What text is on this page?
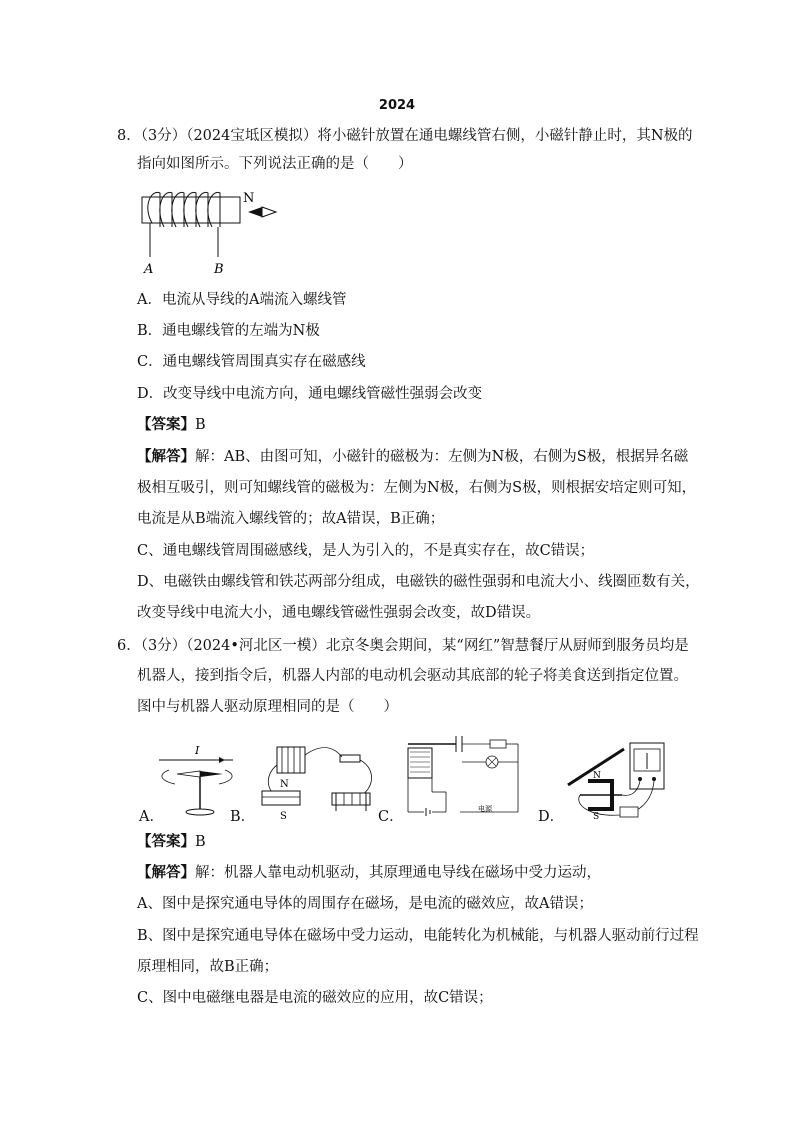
2024
8．（3分）（2024宝坻区模拟）将小磁针放置在通电螺线管右侧，小磁针静止时，其N极的
指向如图所示。下列说法正确的是（　　）
N
A	B
A．电流从导线的A端流入螺线管
B．通电螺线管的左端为N极
C．通电螺线管周围真实存在磁感线
D．改变导线中电流方向，通电螺线管磁性强弱会改变
【答案】B
【解答】解：AB、由图可知，小磁针的磁极为：左侧为N极，右侧为S极，根据异名磁
极相互吸引，则可知螺线管的磁极为：左侧为N极，右侧为S极，则根据安培定则可知，
电流是从B端流入螺线管的；故A错误，B正确；
C、通电螺线管周围磁感线，是人为引入的，不是真实存在，故C错误；
D、电磁铁由螺线管和铁芯两部分组成，电磁铁的磁性强弱和电流大小、线圈匝数有关，
改变导线中电流大小，通电螺线管磁性强弱会改变，故D错误。
6．（3分）（2024•河北区一模）北京冬奥会期间，某“网红”智慧餐厅从厨师到服务员均是
机器人，接到指令后，机器人内部的电动机会驱动其底部的轮子将美食送到指定位置。
图中与机器人驱动原理相同的是（　　）
I
A．
N
S
B．	电源
C．
N
S
D．
【答案】B
【解答】解：机器人靠电动机驱动，其原理通电导线在磁场中受力运动，
A、图中是探究通电导体的周围存在磁场，是电流的磁效应，故A错误；
B、图中是探究通电导体在磁场中受力运动，电能转化为机械能，与机器人驱动前行过程
原理相同，故B正确；
C、图中电磁继电器是电流的磁效应的应用，故C错误；
